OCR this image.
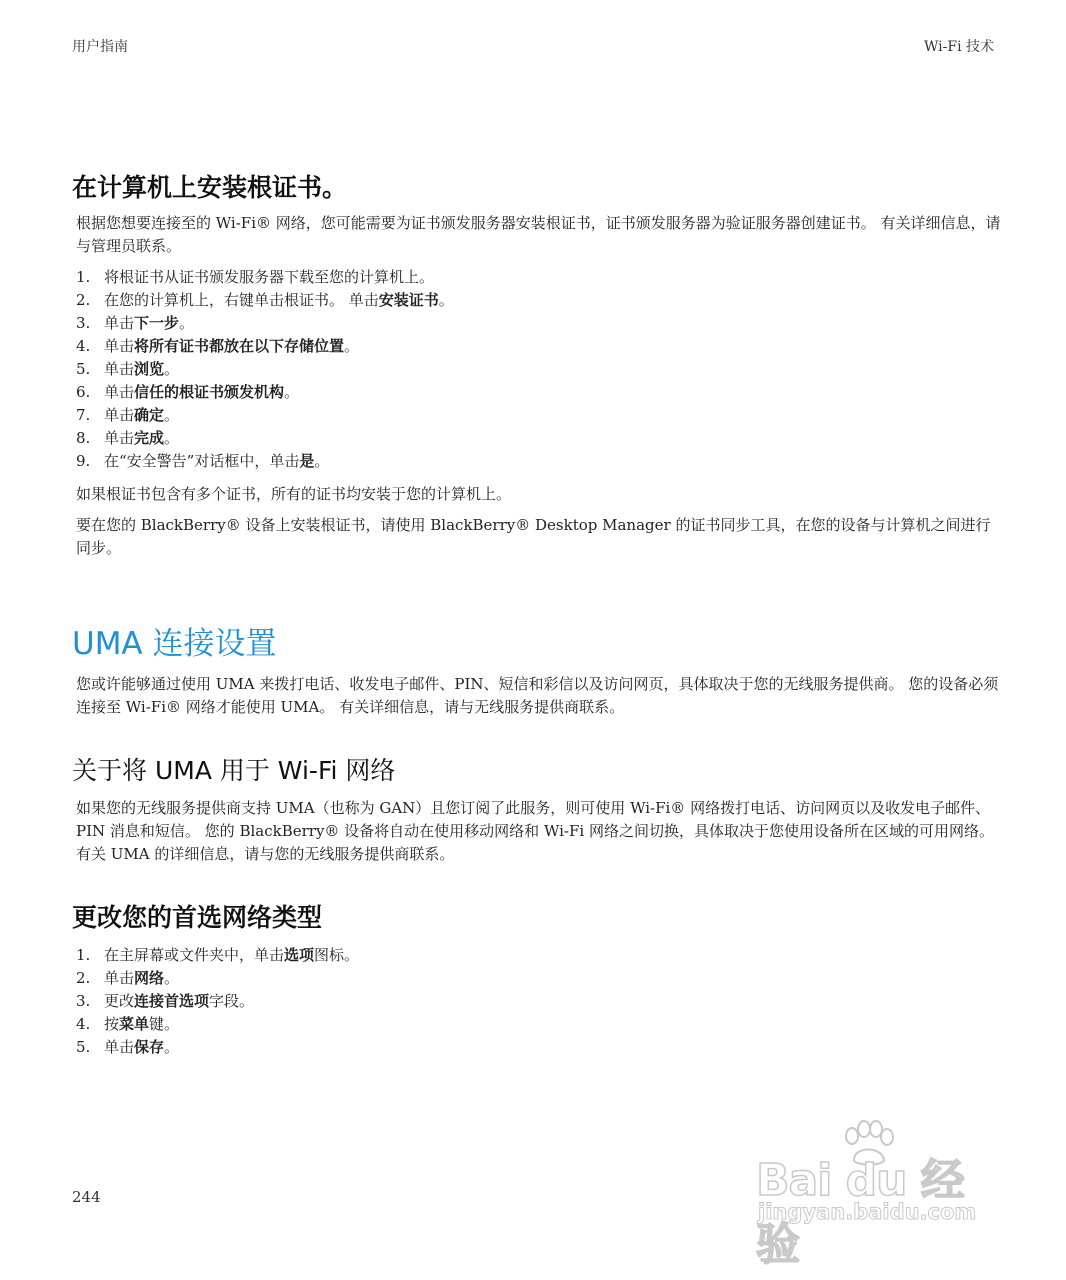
用户指南	Wi-Fi 技术
在计算机上安装根证书。

根据您想要连接至的 Wi-Fi® 网络，您可能需要为证书颁发服务器安装根证书，证书颁发服务器为验证服务器创建证书。 有关详细信息，请与管理员联系。

1. 将根证书从证书颁发服务器下载至您的计算机上。
2. 在您的计算机上，右键单击根证书。 单击安装证书。
3. 单击下一步。
4. 单击将所有证书都放在以下存储位置。
5. 单击浏览。
6. 单击信任的根证书颁发机构。
7. 单击确定。
8. 单击完成。
9. 在“安全警告”对话框中，单击是。

如果根证书包含有多个证书，所有的证书均安装于您的计算机上。

要在您的 BlackBerry® 设备上安装根证书，请使用 BlackBerry® Desktop Manager 的证书同步工具，在您的设备与计算机之间进行同步。

UMA 连接设置

您或许能够通过使用 UMA 来拨打电话、收发电子邮件、PIN、短信和彩信以及访问网页，具体取决于您的无线服务提供商。 您的设备必须连接至 Wi-Fi® 网络才能使用 UMA。 有关详细信息，请与无线服务提供商联系。

关于将 UMA 用于 Wi-Fi 网络

如果您的无线服务提供商支持 UMA（也称为 GAN）且您订阅了此服务，则可使用 Wi-Fi® 网络拨打电话、访问网页以及收发电子邮件、PIN 消息和短信。 您的 BlackBerry® 设备将自动在使用移动网络和 Wi-Fi 网络之间切换，具体取决于您使用设备所在区域的可用网络。 有关 UMA 的详细信息，请与您的无线服务提供商联系。

更改您的首选网络类型
1. 在主屏幕或文件夹中，单击选项图标。
2. 单击网络。
3. 更改连接首选项字段。
4. 按菜单键。
5. 单击保存。
244	Bai du 经验
jingyan.baidu.com
